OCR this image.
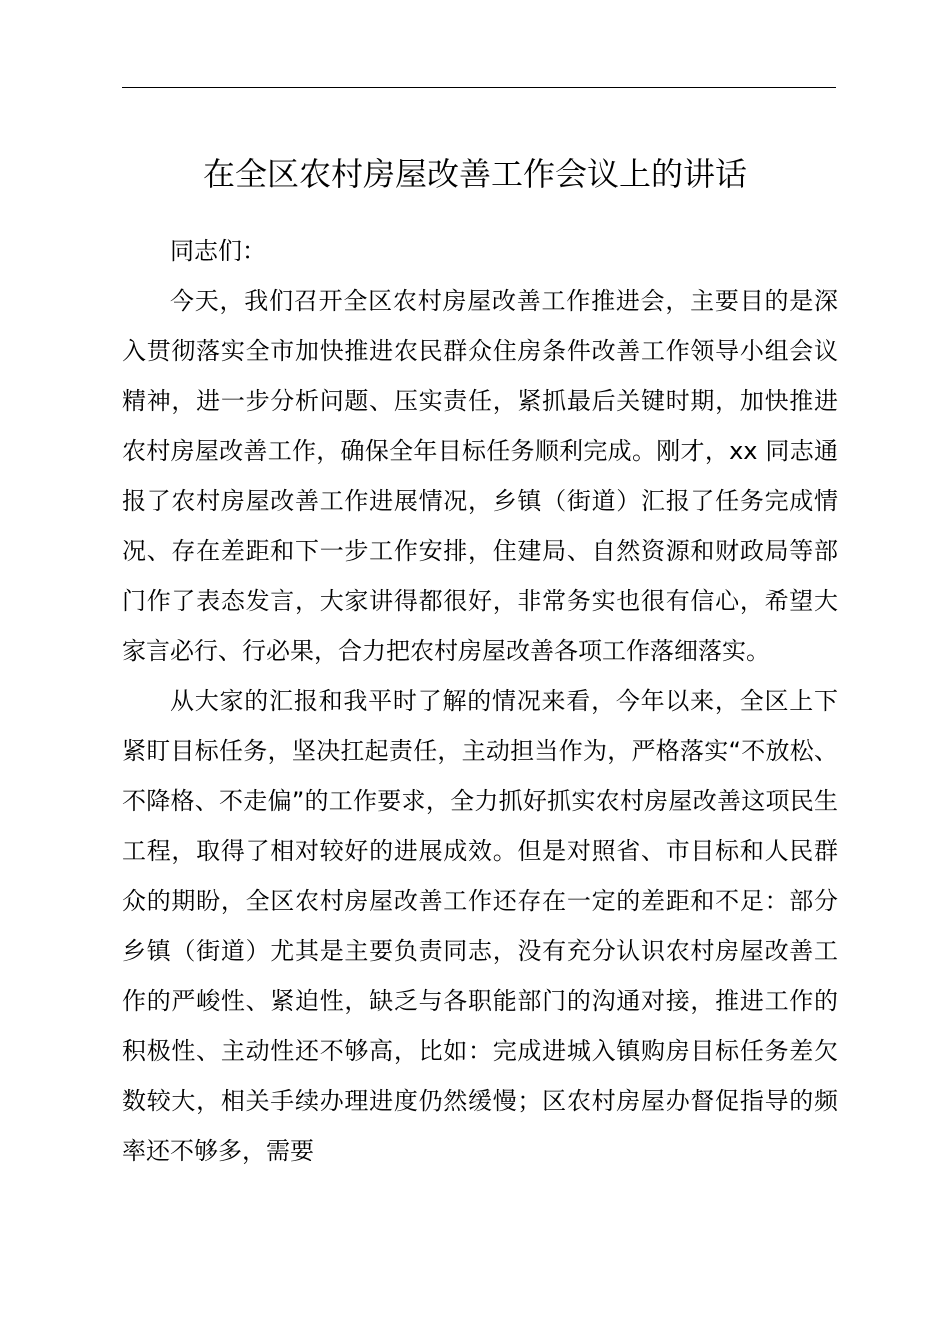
在全区农村房屋改善工作会议上的讲话

同志们：

今天，我们召开全区农村房屋改善工作推进会，主要目的是深入贯彻落实全市加快推进农民群众住房条件改善工作领导小组会议精神，进一步分析问题、压实责任，紧抓最后关键时期，加快推进农村房屋改善工作，确保全年目标任务顺利完成。刚才，xx 同志通报了农村房屋改善工作进展情况，乡镇（街道）汇报了任务完成情况、存在差距和下一步工作安排，住建局、自然资源和财政局等部门作了表态发言，大家讲得都很好，非常务实也很有信心，希望大家言必行、行必果，合力把农村房屋改善各项工作落细落实。

从大家的汇报和我平时了解的情况来看，今年以来，全区上下紧盯目标任务，坚决扛起责任，主动担当作为，严格落实“不放松、不降格、不走偏”的工作要求，全力抓好抓实农村房屋改善这项民生工程，取得了相对较好的进展成效。但是对照省、市目标和人民群众的期盼，全区农村房屋改善工作还存在一定的差距和不足：部分乡镇（街道）尤其是主要负责同志，没有充分认识农村房屋改善工作的严峻性、紧迫性，缺乏与各职能部门的沟通对接，推进工作的积极性、主动性还不够高，比如：完成进城入镇购房目标任务差欠数较大，相关手续办理进度仍然缓慢；区农村房屋办督促指导的频率还不够多，需要
